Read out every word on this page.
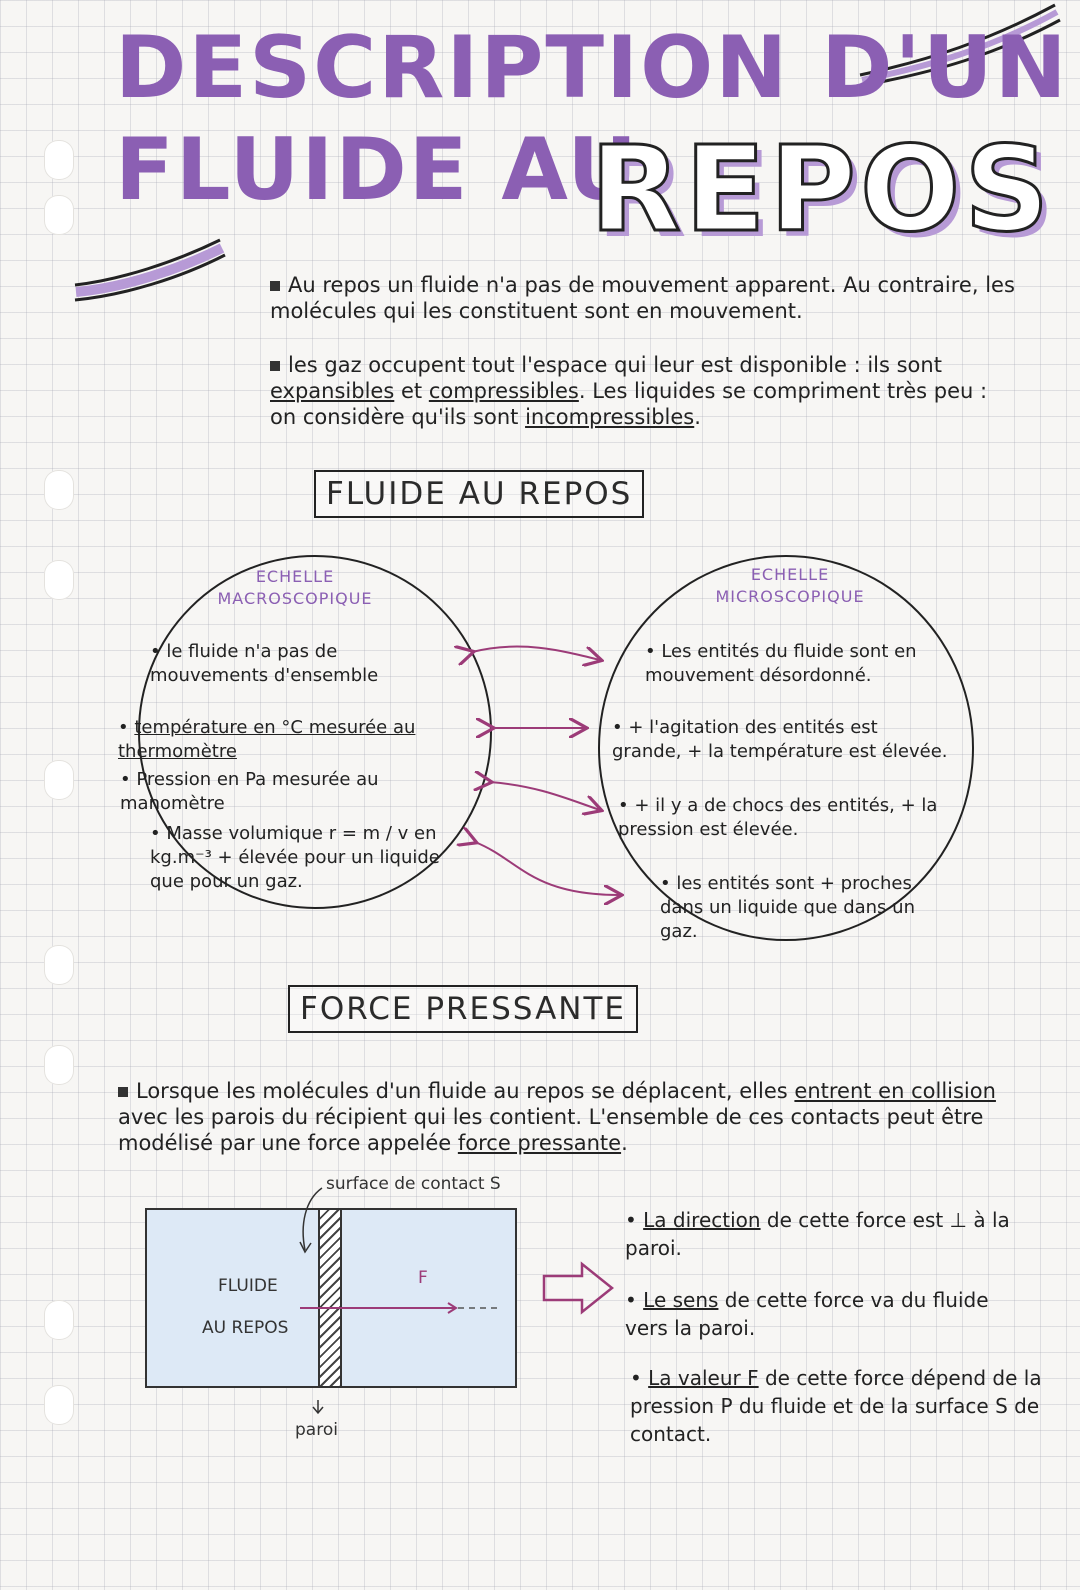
DESCRIPTION D'UN
FLUIDE AU
REPOS
Au repos un fluide n'a pas de mouvement apparent. Au contraire, les molécules qui les constituent sont en mouvement.
les gaz occupent tout l'espace qui leur est disponible : ils sont expansibles et compressibles. Les liquides se compriment très peu : on considère qu'ils sont incompressibles.
FLUIDE AU REPOS
ECHELLE
MACROSCOPIQUE
ECHELLE
MICROSCOPIQUE
• le fluide n'a pas de mouvements d'ensemble
• température en °C mesurée au thermomètre
• Pression en Pa mesurée au manomètre
• Masse volumique r = m / v en kg.m⁻³ + élevée pour un liquide que pour un gaz.
• Les entités du fluide sont en mouvement désordonné.
• + l'agitation des entités est grande, + la température est élevée.
• + il y a de chocs des entités, + la pression est élevée.
• les entités sont + proches dans un liquide que dans un gaz.
FORCE PRESSANTE
Lorsque les molécules d'un fluide au repos se déplacent, elles entrent en collision avec les parois du récipient qui les contient. L'ensemble de ces contacts peut être modélisé par une force appelée force pressante.
surface de contact S
FLUIDE
AU REPOS
F
paroi
• La direction de cette force est ⊥ à la paroi.
• Le sens de cette force va du fluide vers la paroi.
• La valeur F de cette force dépend de la pression P du fluide et de la surface S de contact.
